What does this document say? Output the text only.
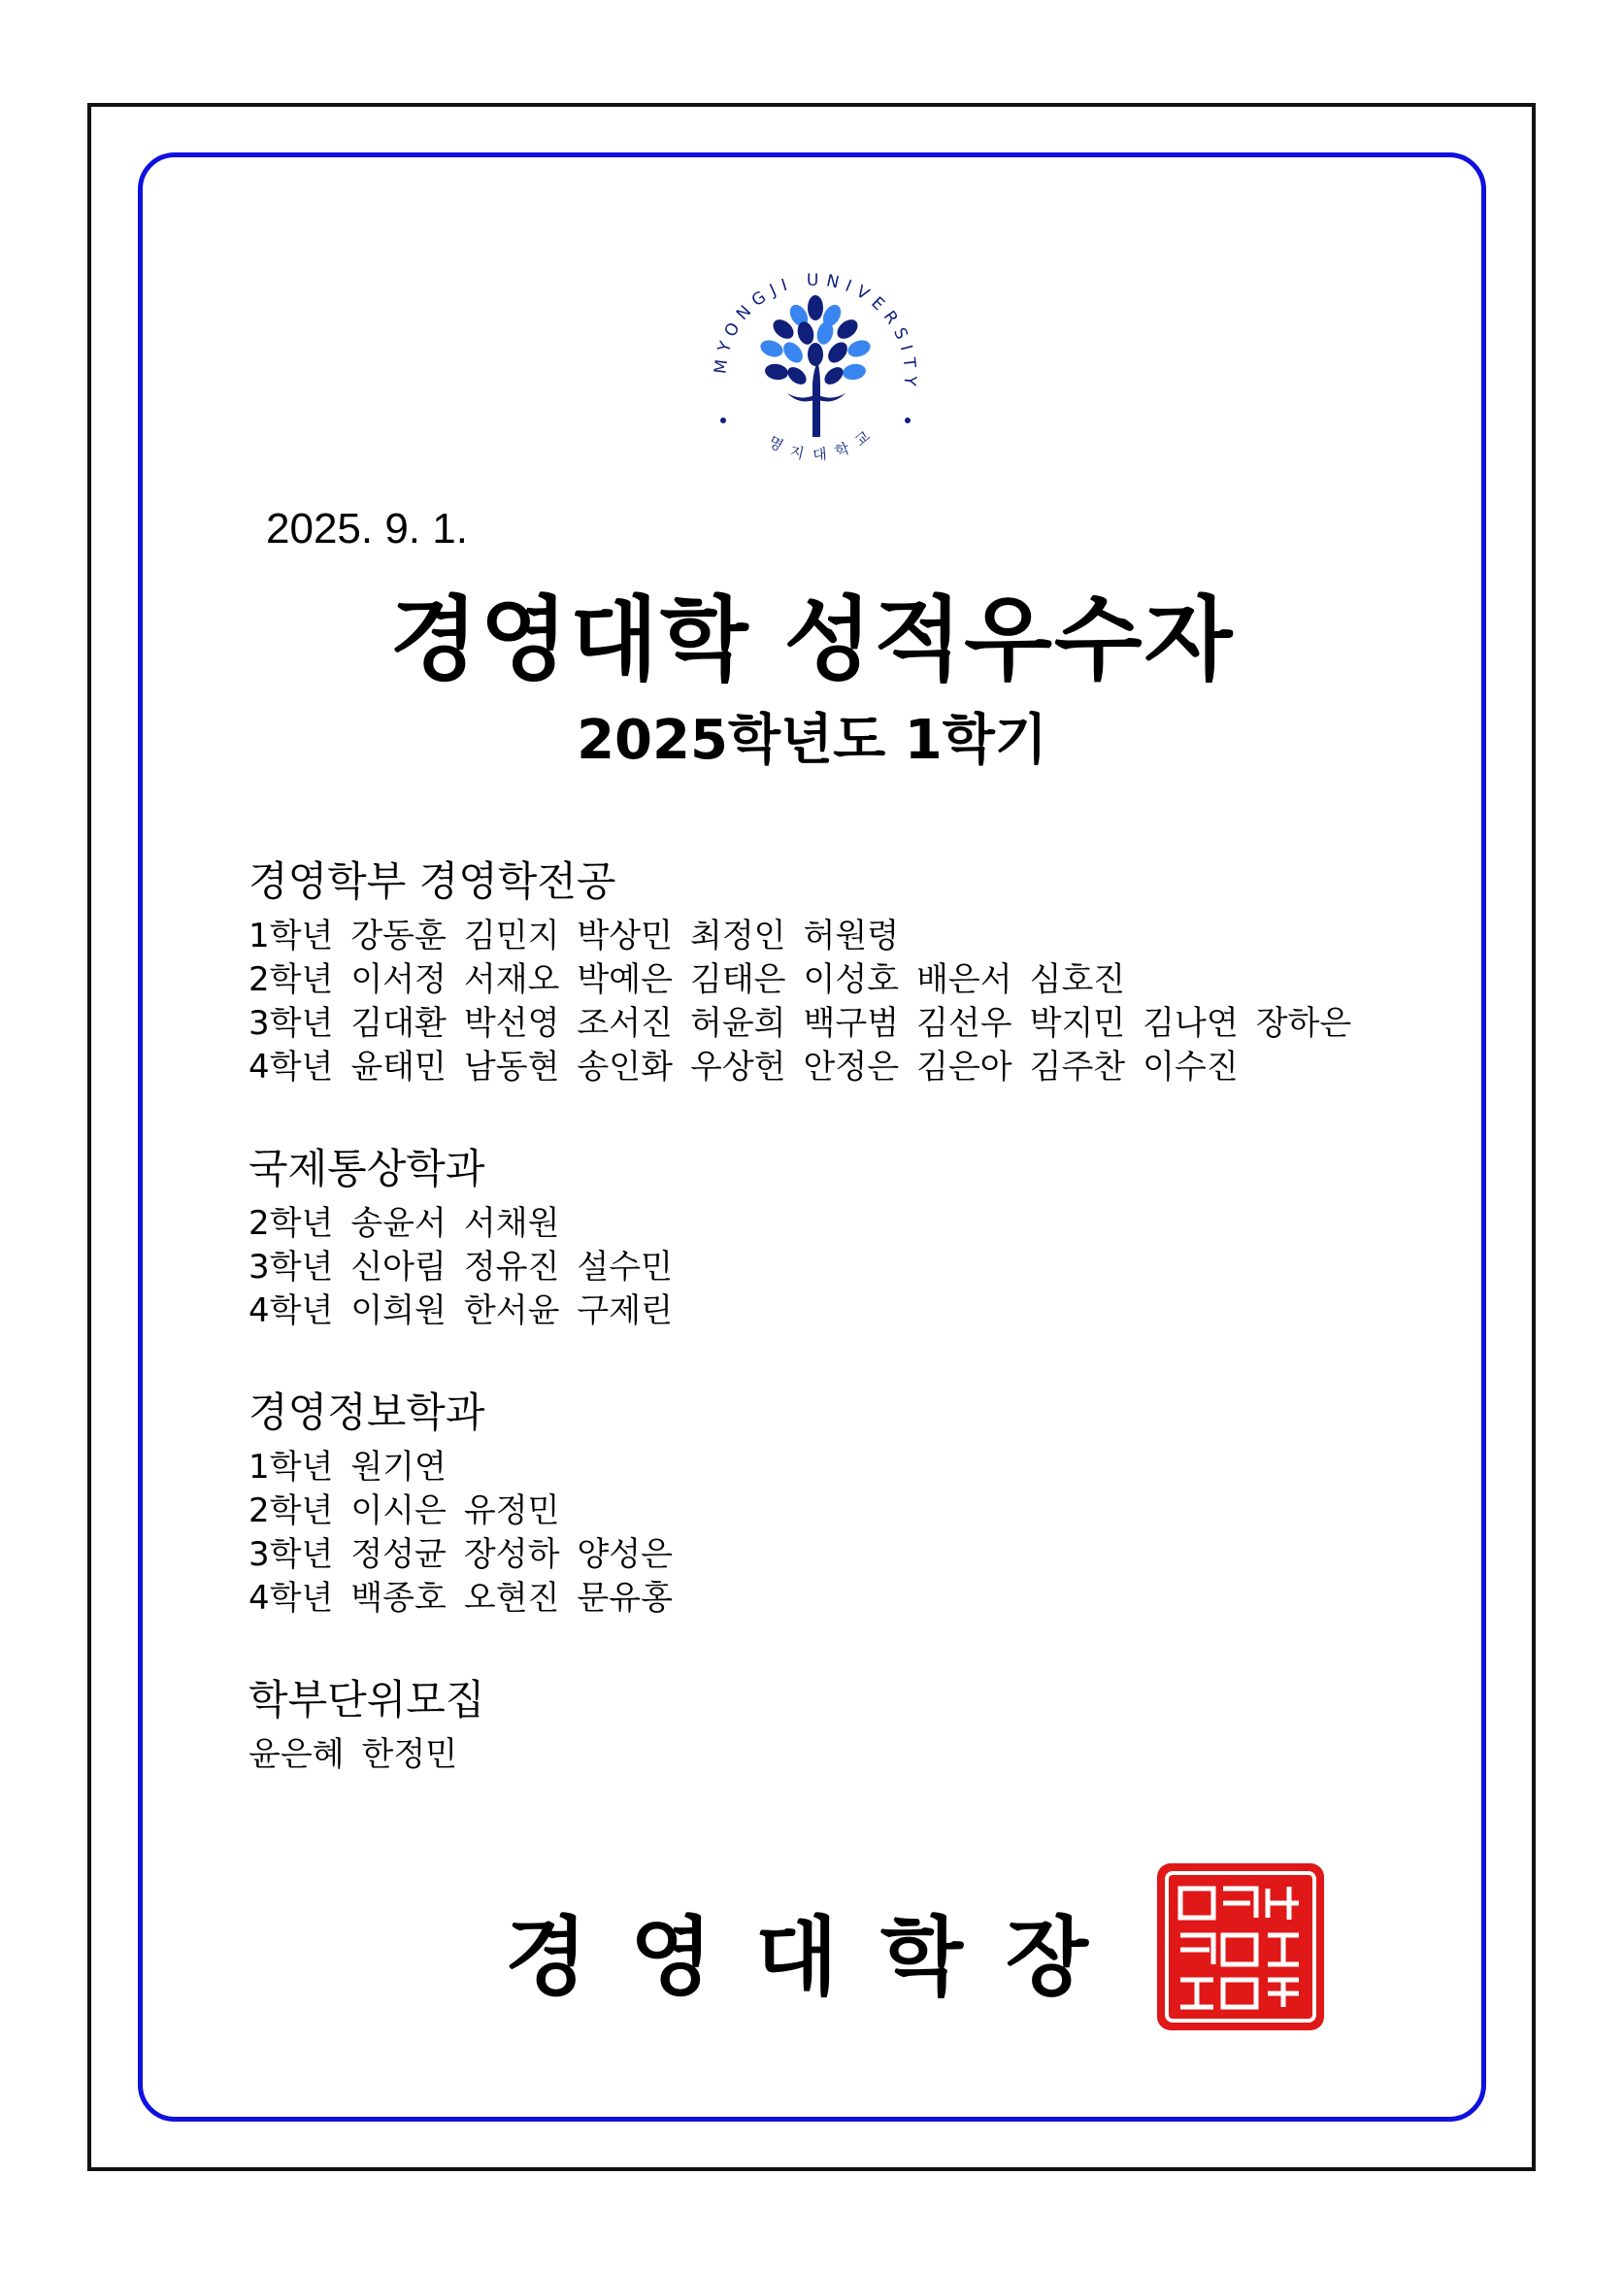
MYONGJI UNIVERSITY
명 지 대 학 교
2025. 9. 1.
경영대학 성적우수자
2025학년도 1학기
경영학부 경영학전공
1학년 강동훈 김민지 박상민 최정인 허원령
2학년 이서정 서재오 박예은 김태은 이성호 배은서 심호진
3학년 김대환 박선영 조서진 허윤희 백구범 김선우 박지민 김나연 장하은
4학년 윤태민 남동현 송인화 우상헌 안정은 김은아 김주찬 이수진
국제통상학과
2학년 송윤서 서채원
3학년 신아림 정유진 설수민
4학년 이희원 한서윤 구제린
경영정보학과
1학년 원기연
2학년 이시은 유정민
3학년 정성균 장성하 양성은
4학년 백종호 오현진 문유홍
학부단위모집
윤은혜 한정민
경영대학장
